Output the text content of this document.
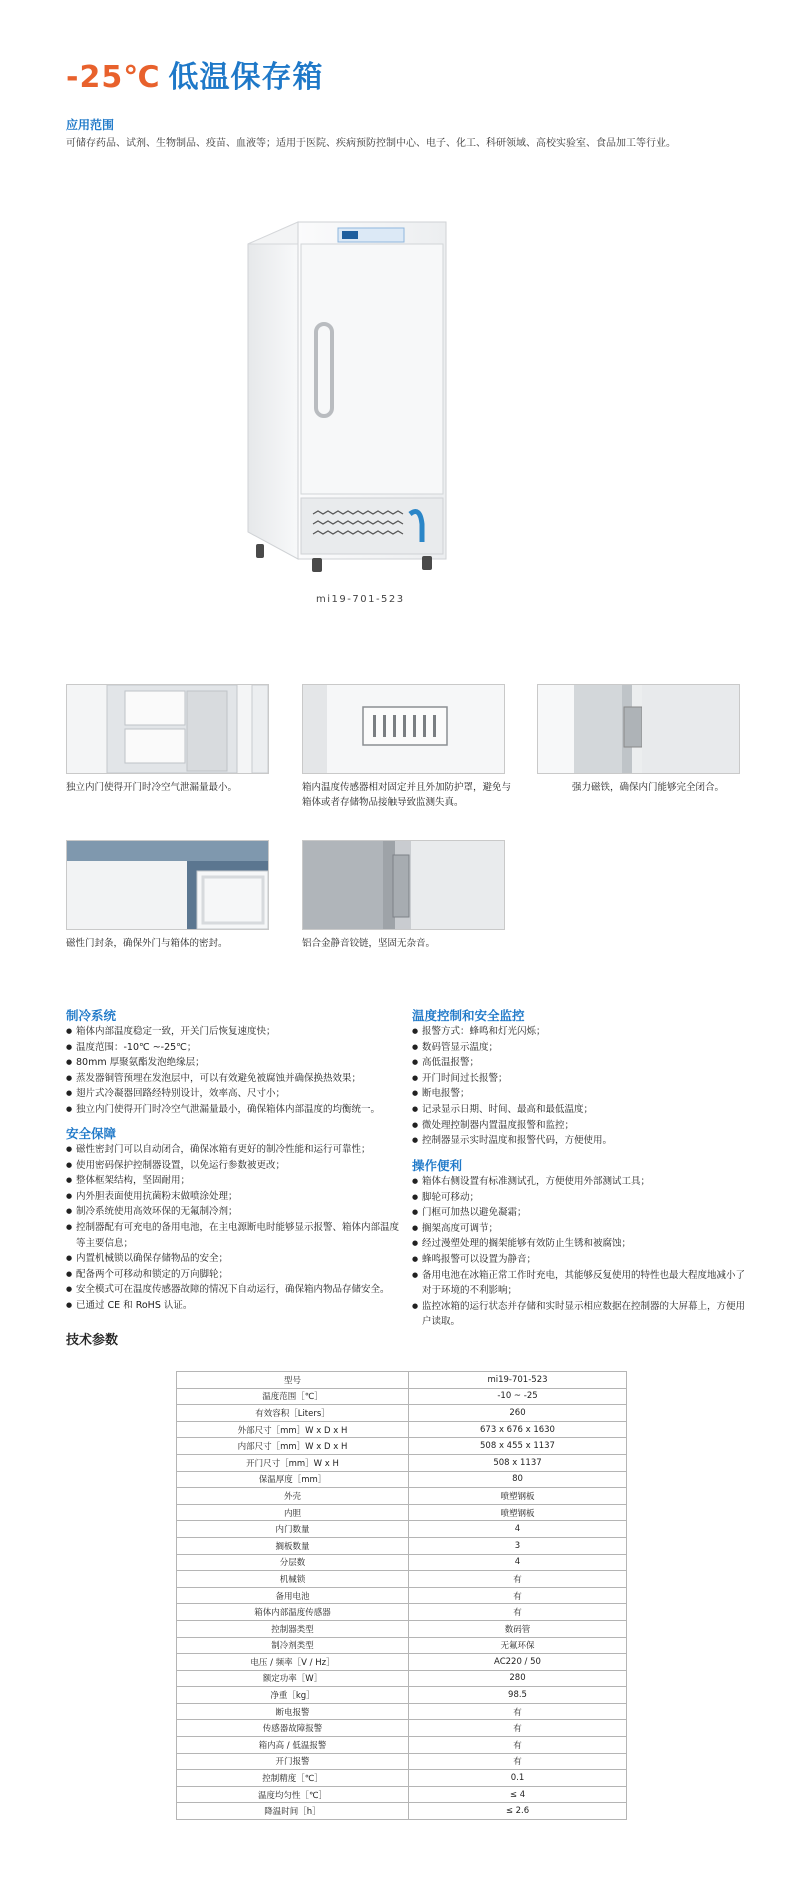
-25℃ 低温保存箱
应用范围
可储存药品、试剂、生物制品、疫苗、血液等；适用于医院、疾病预防控制中心、电子、化工、科研领域、高校实验室、食品加工等行业。
mi19-701-523
独立内门使得开门时冷空气泄漏量最小。	箱内温度传感器相对固定并且外加防护罩，避免与箱体或者存储物品接触导致监测失真。
强力磁铁，确保内门能够完全闭合。
磁性门封条，确保外门与箱体的密封。	铝合金静音铰链，坚固无杂音。
制冷系统
● 箱体内部温度稳定一致，开关门后恢复速度快；
● 温度范围：-10℃ ~-25℃；
● 80mm 厚聚氨酯发泡绝缘层；
● 蒸发器铜管预埋在发泡层中，可以有效避免被腐蚀并确保换热效果；
● 翅片式冷凝器回路经特别设计，效率高、尺寸小；
● 独立内门使得开门时冷空气泄漏量最小，确保箱体内部温度的均衡统一。
安全保障
● 磁性密封门可以自动闭合，确保冰箱有更好的制冷性能和运行可靠性；
● 使用密码保护控制器设置，以免运行参数被更改；
● 整体框架结构，坚固耐用；
● 内外胆表面使用抗菌粉末做喷涂处理；
● 制冷系统使用高效环保的无氟制冷剂；
● 控制器配有可充电的备用电池，在主电源断电时能够显示报警、箱体内部温度等主要信息；
● 内置机械锁以确保存储物品的安全；
● 配备两个可移动和锁定的万向脚轮；
● 安全模式可在温度传感器故障的情况下自动运行，确保箱内物品存储安全。
● 已通过 CE 和 RoHS 认证。
温度控制和安全监控
● 报警方式：蜂鸣和灯光闪烁；
● 数码管显示温度；
● 高低温报警；
● 开门时间过长报警；
● 断电报警；
● 记录显示日期、时间、最高和最低温度；
● 微处理控制器内置温度报警和监控；
● 控制器显示实时温度和报警代码，方便使用。
操作便利
● 箱体右侧设置有标准测试孔，方便使用外部测试工具；
● 脚轮可移动；
● 门框可加热以避免凝霜；
● 搁架高度可调节；
● 经过漫塑处理的搁架能够有效防止生锈和被腐蚀；
● 蜂鸣报警可以设置为静音；
● 备用电池在冰箱正常工作时充电，其能够反复使用的特性也最大程度地减小了对于环境的不利影响；
● 监控冰箱的运行状态并存储和实时显示相应数据在控制器的大屏幕上，方便用户读取。
技术参数
型号	mi19-701-523
温度范围［℃］	-10 ~ -25
有效容积［Liters］	260
外部尺寸［mm］W x D x H	673 x 676 x 1630
内部尺寸［mm］W x D x H	508 x 455 x 1137
开门尺寸［mm］W x H	508 x 1137
保温厚度［mm］	80
外壳	喷塑钢板
内胆	喷塑钢板
内门数量	4
搁板数量	3
分层数	4
机械锁	有
备用电池	有
箱体内部温度传感器	有
控制器类型	数码管
制冷剂类型	无氟环保
电压 / 频率［V / Hz］	AC220 / 50
额定功率［W］	280
净重［kg］	98.5
断电报警	有
传感器故障报警	有
箱内高 / 低温报警	有
开门报警	有
控制精度［℃］	0.1
温度均匀性［℃］	≤ 4
降温时间［h］	≤ 2.6
